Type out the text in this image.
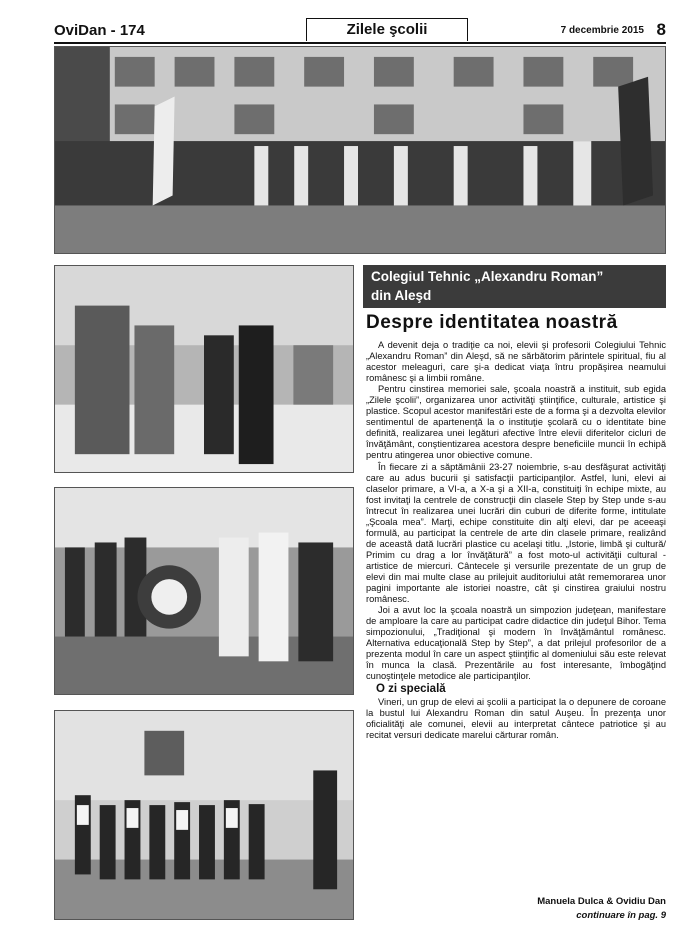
OviDan - 174	Zilele şcolii	7 decembrie 2015 8
Colegiul Tehnic „Alexandru Roman”
din Aleşd
Despre identitatea noastră

A devenit deja o tradiţie ca noi, elevii şi profesorii Colegiului Tehnic „Alexandru Roman” din Aleşd, să ne sărbătorim părintele spiritual, fiu al acestor meleaguri, care şi-a dedicat viaţa întru propăşirea neamului românesc şi a limbii române.

Pentru cinstirea memoriei sale, şcoala noastră a instituit, sub egida „Zilele şcolii”, organizarea unor activităţi ştiinţifice, culturale, artistice şi plastice. Scopul acestor manifestări este de a forma şi a dezvolta elevilor sentimentul de apartenenţă la o instituţie şcolară cu o identitate bine definită, realizarea unei legături afective între elevii diferitelor cicluri de învăţământ, conştientizarea acestora despre beneficiile muncii în echipă pentru atingerea unor obiective comune.

În fiecare zi a săptămânii 23-27 noiembrie, s-au desfăşurat activităţi care au adus bucurii şi satisfacţii participanţilor. Astfel, luni, elevi ai claselor primare, a VI-a, a X-a şi a XII-a, constituiţi în echipe mixte, au fost invitaţi la centrele de construcţii din clasele Step by Step unde s-au întrecut în realizarea unei lucrări din cuburi de diferite forme, intitulate „Şcoala mea”. Marţi, echipe constituite din alţi elevi, dar pe aceeaşi formulă, au participat la centrele de arte din clasele primare, realizând de această dată lucrări plastice cu acelaşi titlu. „Istorie, limbă şi cultură/ Primim cu drag a lor învăţătură” a fost moto-ul activităţii cultural - artistice de miercuri. Cântecele şi versurile prezentate de un grup de elevi din mai multe clase au prilejuit auditoriului atât rememorarea unor pagini importante ale istoriei noastre, cât şi cinstirea graiului nostru românesc.

Joi a avut loc la şcoala noastră un simpozion judeţean, manifestare de amploare la care au participat cadre didactice din judeţul Bihor. Tema simpozionului, „Tradiţional şi modern în învăţământul românesc. Alternativa educaţională Step by Step”, a dat prilejul profesorilor de a prezenta modul în care un aspect ştiinţific al domeniului său este relevat în munca la clasă. Prezentările au fost interesante, îmbogăţind cunoştinţele metodice ale participanţilor.

O zi specială

Vineri, un grup de elevi ai şcolii a participat la o depunere de coroane la bustul lui Alexandru Roman din satul Auşeu. În prezenţa unor oficialităţi ale comunei, elevii au interpretat cântece patriotice şi au recitat versuri dedicate marelui cărturar român.

Manuela Dulca & Ovidiu Dan
continuare în pag. 9
